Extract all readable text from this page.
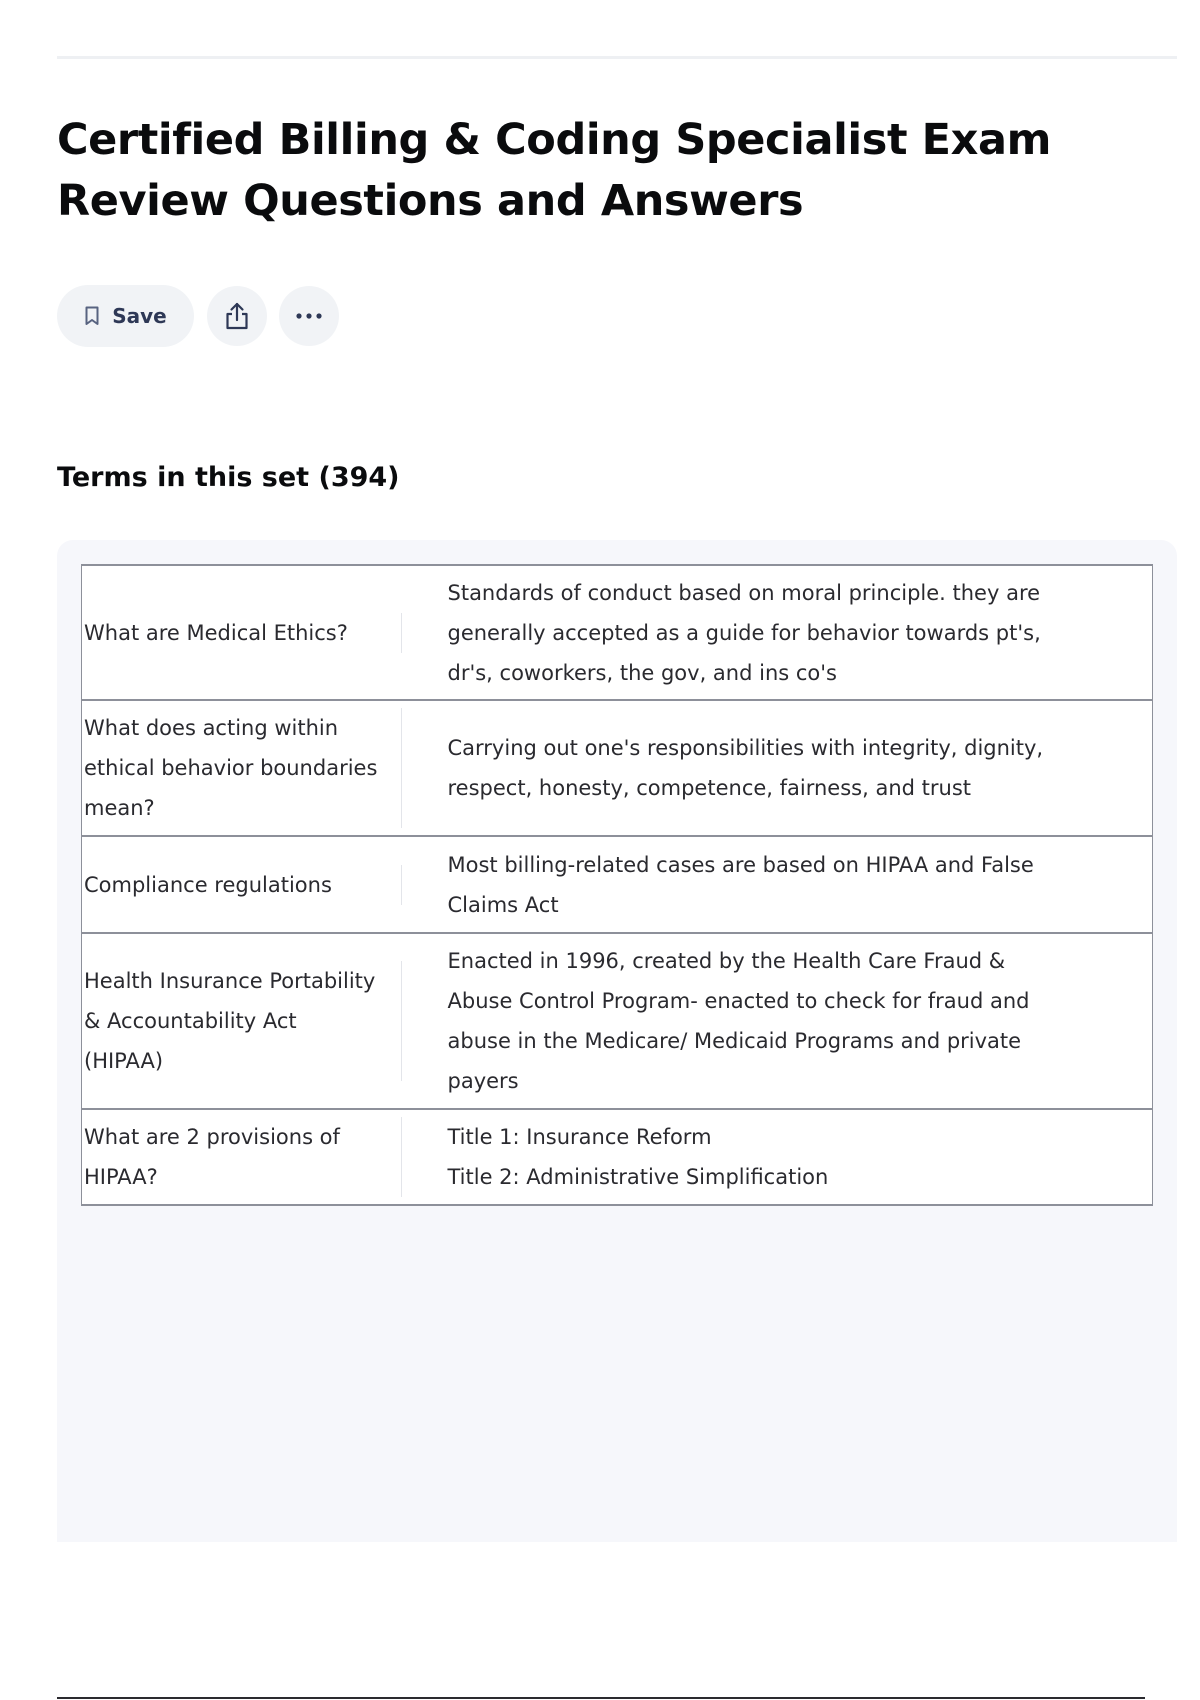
Certified Billing & Coding Specialist Exam Review Questions and Answers
Save
Terms in this set (394)
What are Medical Ethics?	Standards of conduct based on moral principle. they are generally accepted as a guide for behavior towards pt's, dr's, coworkers, the gov, and ins co's

What does acting within ethical behavior boundaries mean?	Carrying out one's responsibilities with integrity, dignity, respect, honesty, competence, fairness, and trust

Compliance regulations	Most billing-related cases are based on HIPAA and False Claims Act

Health Insurance Portability & Accountability Act (HIPAA)	Enacted in 1996, created by the Health Care Fraud & Abuse Control Program- enacted to check for fraud and abuse in the Medicare/ Medicaid Programs and private payers

What are 2 provisions of HIPAA?	Title 1: Insurance Reform
Title 2: Administrative Simplification
